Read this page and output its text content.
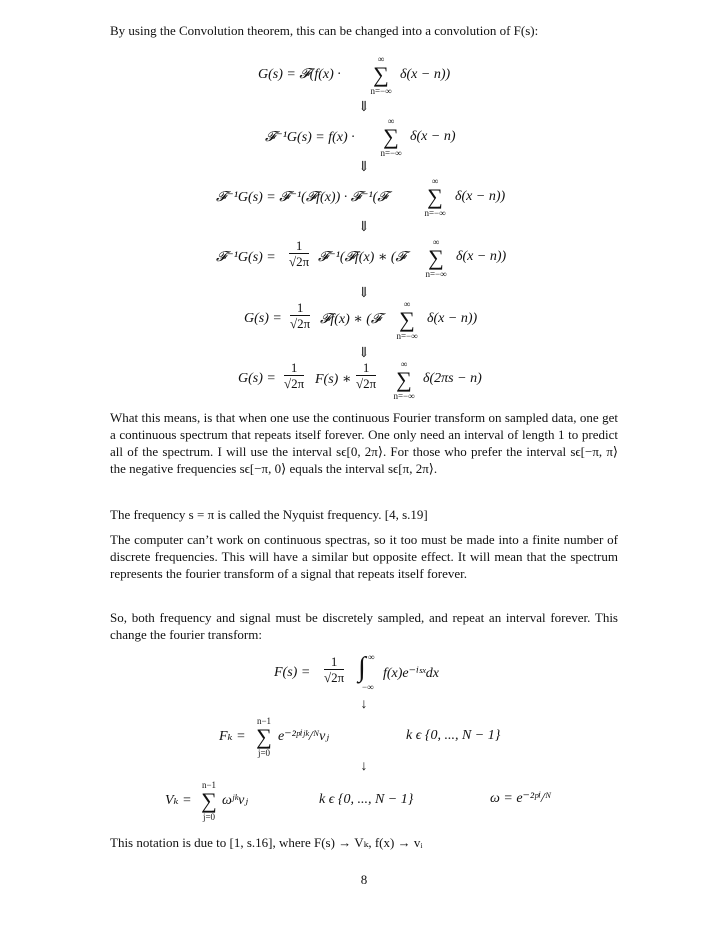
By using the Convolution theorem, this can be changed into a convolution of F(s):

G(s) = 𝓕(f(x) ·
∞
∑
n=−∞
δ(x − n))
⇓
𝓕⁻¹G(s) = f(x) ·
∞
∑
n=−∞
δ(x − n)
⇓
𝓕⁻¹G(s) = 𝓕⁻¹(𝓕f(x)) · 𝓕⁻¹(𝓕
∞
∑
n=−∞
δ(x − n))
⇓
𝓕⁻¹G(s) = $\frac{1}{√2\pi}$ 𝓕⁻¹(𝓕f(x) ∗ (𝓕
∞
∑
n=−∞
δ(x − n))
⇓
$G(s) = \frac{1}{√2\pi}$ 𝓕f(x) ∗ (𝓕
∞
∑
n=−∞
δ(x − n))
⇓
$G(s) = \frac{1}{√2\pi} F(s)$ ∗ $\frac{1}{√2\pi}$	∞
∑
n=−∞
δ(2πs − n)

What this means, is that when one use the continuous Fourier transform on sampled data, one get a continuous spectrum that repeats itself forever. One only need an interval of length 1 to predict all of the spectrum. I will use the interval sϵ[0, 2π⟩. For those who prefer the interval sϵ[−π, π⟩ the negative frequencies sϵ[−π, 0⟩ equals the interval sϵ[π, 2π⟩.

The frequency s = π is called the Nyquist frequency. [4, s.19]

The computer can’t work on continuous spectras, so it too must be made into a finite number of discrete frequencies. This will have a similar but opposite effect. It will mean that the spectrum represents the fourier transform of a signal that repeats itself forever.

So, both frequency and signal must be discretely sampled, and repeat an interval forever. This change the fourier transform:

$F(s) = \frac{1}{√2\pi}$ ∫ ∞
−∞
f(x)e⁻ⁱˢˣdx
↓
Fₖ =
n−1
∑
j=0
e⁻²ᵖⁱʲᵏ/ᴺvⱼ	k ϵ {0, ..., N − 1}
↓
Vₖ =
n−1
∑
j=0
ωʲᵏvⱼ	k ϵ {0, ..., N − 1}	ω = e⁻²ᵖⁱ/ᴺ

This notation is due to [1, s.16], where F(s) → Vₖ, f(x) → vᵢ

8
